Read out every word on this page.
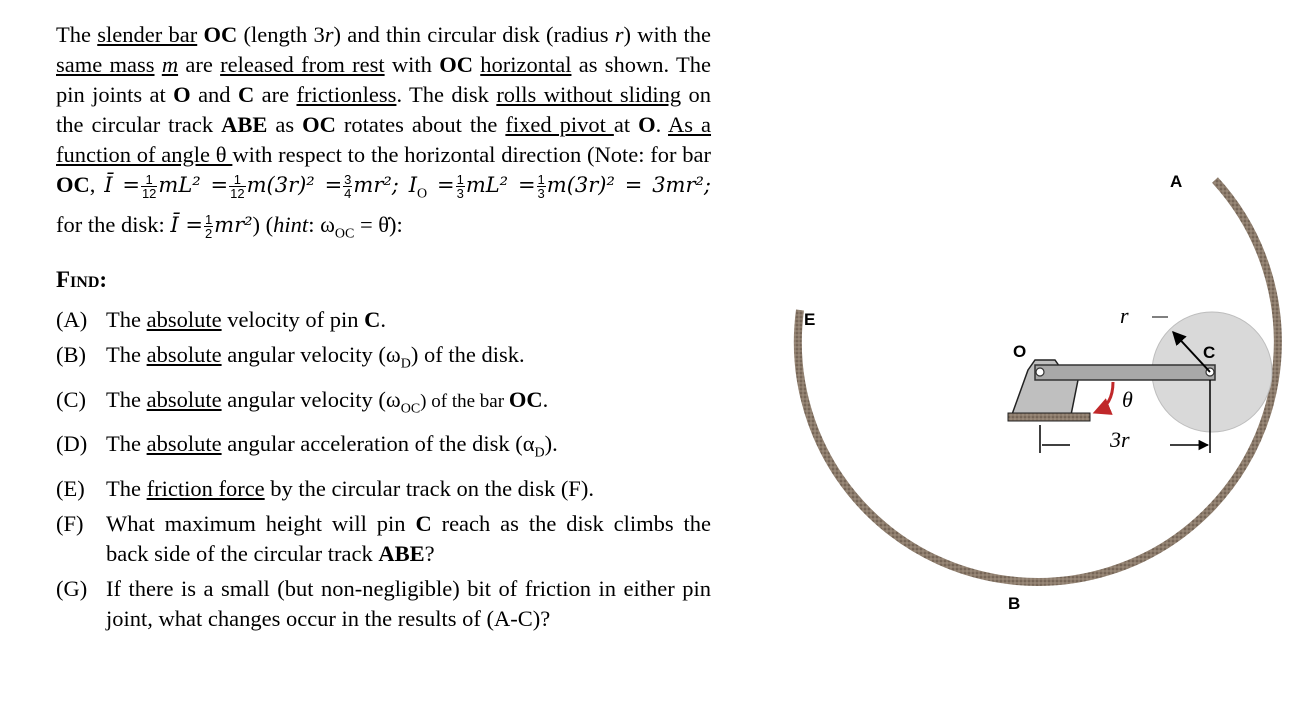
The slender bar OC (length 3r) and thin circular disk (radius r) with the same mass m are released from rest with OC horizontal as shown. The pin joints at O and C are frictionless. The disk rolls without sliding on the circular track ABE as OC rotates about the fixed pivot at O. As a function of angle θ with respect to the horizontal direction (Note: for bar OC, Ī = $\frac{1}{12} mL^2 = \frac{1}{12} m(3r)^2 = \frac{3}{4} mr^2$; $I_O = \frac{1}{3} mL^2 = \frac{1}{3} m(3r)^2 = 3mr^2$; for the disk: Ī = $\frac{1}{2} mr^2$) (hint: $\omega_{OC}$ = θ̇):

Find:

(A) The absolute velocity of pin C.
(B) The absolute angular velocity $(\omega_D)$ of the disk.
(C) The absolute angular velocity $(\omega_{OC})$ of the bar OC.
(D) The absolute angular acceleration of the disk $(\alpha_D)$.
(E) The friction force by the circular track on the disk (F).
(F) What maximum height will pin C reach as the disk climbs the back side of the circular track ABE?
(G) If there is a small (but non-negligible) bit of friction in either pin joint, what changes occur in the results of (A-C)?
A
E
O	C
B
r
θ
3r
